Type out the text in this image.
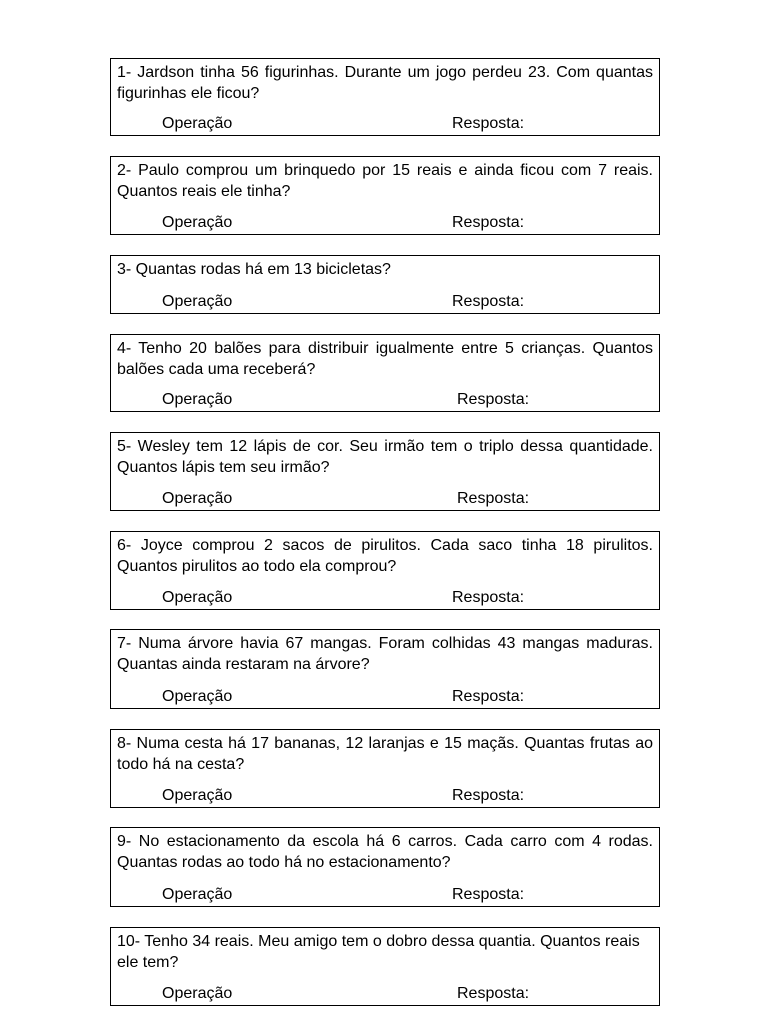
1- Jardson tinha 56 figurinhas. Durante um jogo perdeu 23. Com quantas figurinhas ele ficou?

Operação	Resposta:

2- Paulo comprou um brinquedo por 15 reais e ainda ficou com 7 reais. Quantos reais ele tinha?

Operação	Resposta:

3- Quantas rodas há em 13 bicicletas?

Operação	Resposta:

4- Tenho 20 balões para distribuir igualmente entre 5 crianças. Quantos balões cada uma receberá?

Operação	Resposta:

5- Wesley tem 12 lápis de cor. Seu irmão tem o triplo dessa quantidade. Quantos lápis tem seu irmão?

Operação	Resposta:

6- Joyce comprou 2 sacos de pirulitos. Cada saco tinha 18 pirulitos. Quantos pirulitos ao todo ela comprou?

Operação	Resposta:

7- Numa árvore havia 67 mangas. Foram colhidas 43 mangas maduras. Quantas ainda restaram na árvore?

Operação	Resposta:

8- Numa cesta há 17 bananas, 12 laranjas e 15 maçãs. Quantas frutas ao todo há na cesta?

Operação	Resposta:

9- No estacionamento da escola há 6 carros. Cada carro com 4 rodas. Quantas rodas ao todo há no estacionamento?

Operação	Resposta:

10- Tenho 34 reais. Meu amigo tem o dobro dessa quantia. Quantos reais ele tem?

Operação	Resposta:
